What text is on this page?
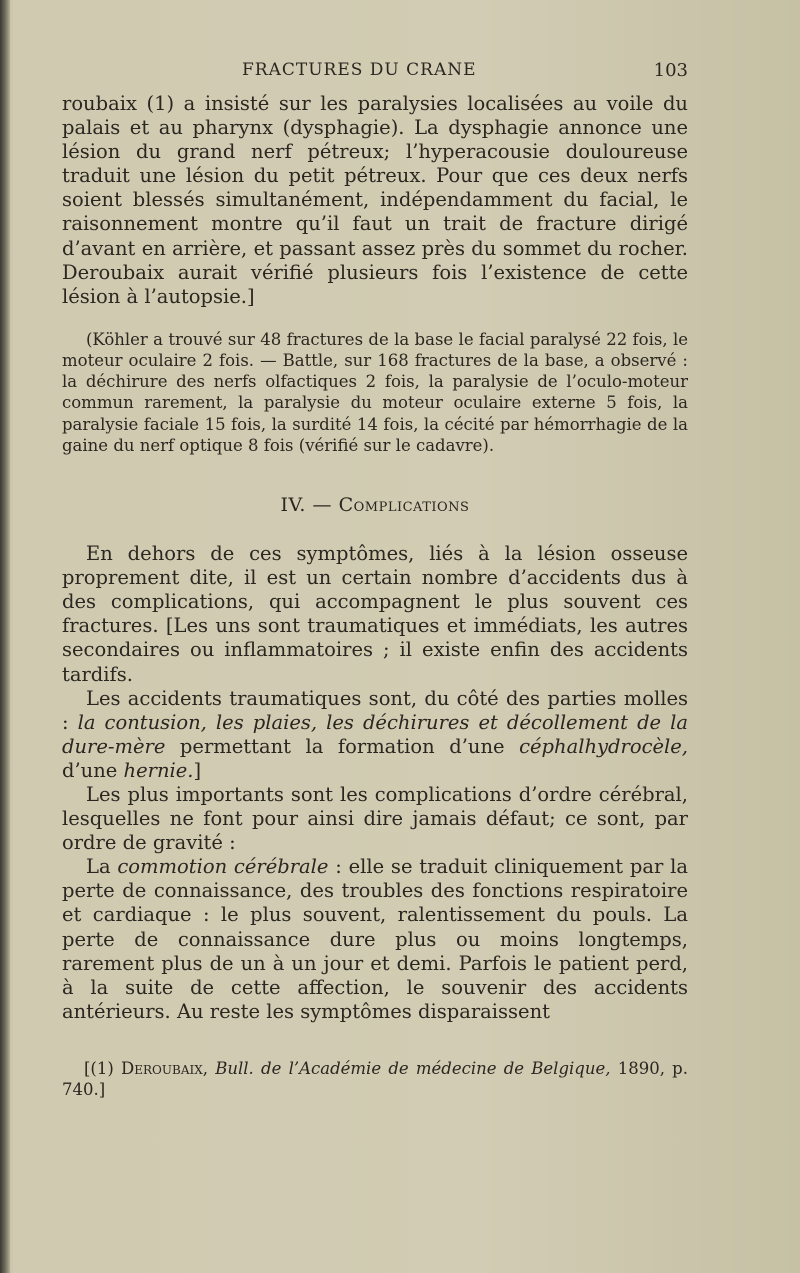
FRACTURES DU CRANE	103

roubaix (1) a insisté sur les paralysies localisées au voile du palais et au pharynx (dysphagie). La dysphagie annonce une lésion du grand nerf pétreux; l’hyperacousie douloureuse traduit une lésion du petit pétreux. Pour que ces deux nerfs soient blessés simultanément, indépendamment du facial, le raisonnement montre qu’il faut un trait de fracture dirigé d’avant en arrière, et passant assez près du sommet du rocher. Deroubaix aurait vérifié plusieurs fois l’existence de cette lésion à l’autopsie.]

(Köhler a trouvé sur 48 fractures de la base le facial paralysé 22 fois, le moteur oculaire 2 fois. — Battle, sur 168 fractures de la base, a observé : la déchirure des nerfs olfactiques 2 fois, la paralysie de l’oculo-moteur commun rarement, la paralysie du moteur oculaire externe 5 fois, la paralysie faciale 15 fois, la surdité 14 fois, la cécité par hémorrhagie de la gaine du nerf optique 8 fois (vérifié sur le cadavre).

IV. — Complications

En dehors de ces symptômes, liés à la lésion osseuse proprement dite, il est un certain nombre d’accidents dus à des complications, qui accompagnent le plus souvent ces fractures. [Les uns sont traumatiques et immédiats, les autres secondaires ou inflammatoires ; il existe enfin des accidents tardifs.

Les accidents traumatiques sont, du côté des parties molles : la contusion, les plaies, les déchirures et décollement de la dure-mère permettant la formation d’une céphalhydrocèle, d’une hernie.]

Les plus importants sont les complications d’ordre cérébral, lesquelles ne font pour ainsi dire jamais défaut; ce sont, par ordre de gravité :

La commotion cérébrale : elle se traduit cliniquement par la perte de connaissance, des troubles des fonctions respiratoire et cardiaque : le plus souvent, ralentissement du pouls. La perte de connaissance dure plus ou moins longtemps, rarement plus de un à un jour et demi. Parfois le patient perd, à la suite de cette affection, le souvenir des accidents antérieurs. Au reste les symptômes disparaissent

[(1) Deroubaix, Bull. de l’Académie de médecine de Belgique, 1890, p. 740.]
